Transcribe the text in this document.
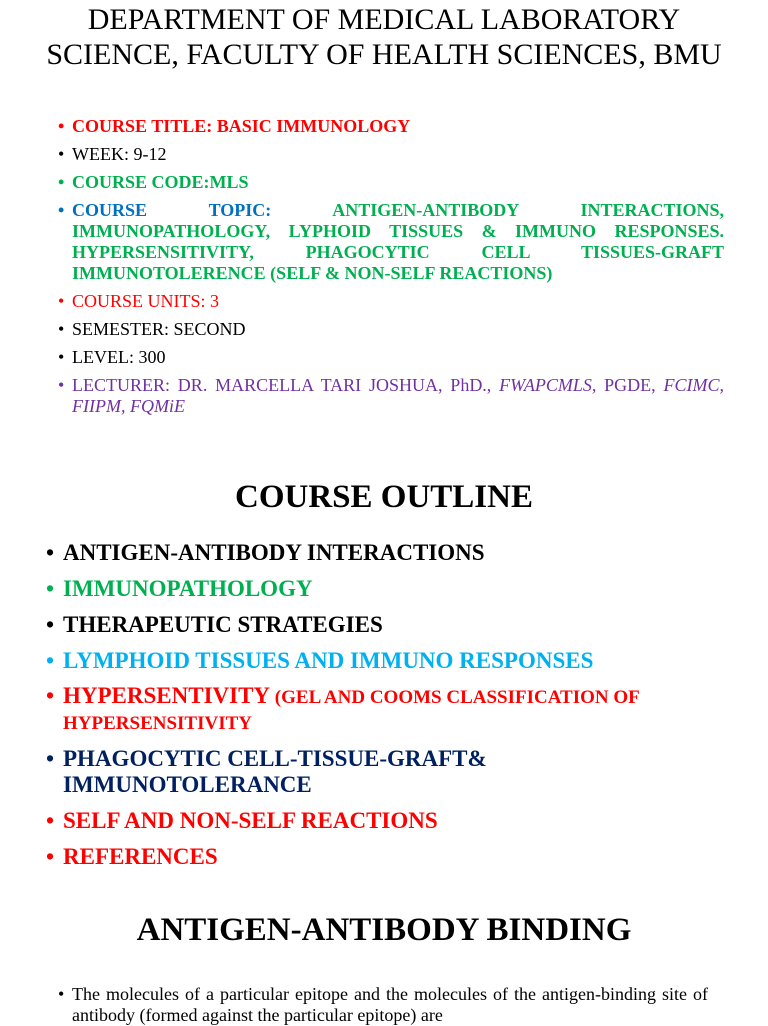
DEPARTMENT OF MEDICAL LABORATORY SCIENCE, FACULTY OF HEALTH SCIENCES, BMU
• COURSE TITLE: BASIC IMMUNOLOGY
• WEEK: 9-12
• COURSE CODE:MLS
• COURSE TOPIC:	ANTIGEN-ANTIBODY INTERACTIONS, IMMUNOPATHOLOGY, LYPHOID TISSUES & IMMUNO RESPONSES. HYPERSENSITIVITY, PHAGOCYTIC CELL TISSUES-GRAFT IMMUNOTOLERENCE (SELF & NON-SELF REACTIONS)
• COURSE UNITS: 3
• SEMESTER: SECOND
• LEVEL: 300
• LECTURER: DR. MARCELLA TARI JOSHUA, PhD., FWAPCMLS, PGDE, FCIMC, FIIPM, FQMiE
COURSE OUTLINE
• ANTIGEN-ANTIBODY INTERACTIONS
• IMMUNOPATHOLOGY
• THERAPEUTIC STRATEGIES
• LYMPHOID TISSUES AND IMMUNO RESPONSES
• HYPERSENTIVITY (GEL AND COOMS CLASSIFICATION OF HYPERSENSITIVITY
• PHAGOCYTIC CELL-TISSUE-GRAFT& IMMUNOTOLERANCE
• SELF AND NON-SELF REACTIONS
• REFERENCES
ANTIGEN-ANTIBODY BINDING
• The molecules of a particular epitope and the molecules of the antigen-binding site of antibody (formed against the particular epitope) are
